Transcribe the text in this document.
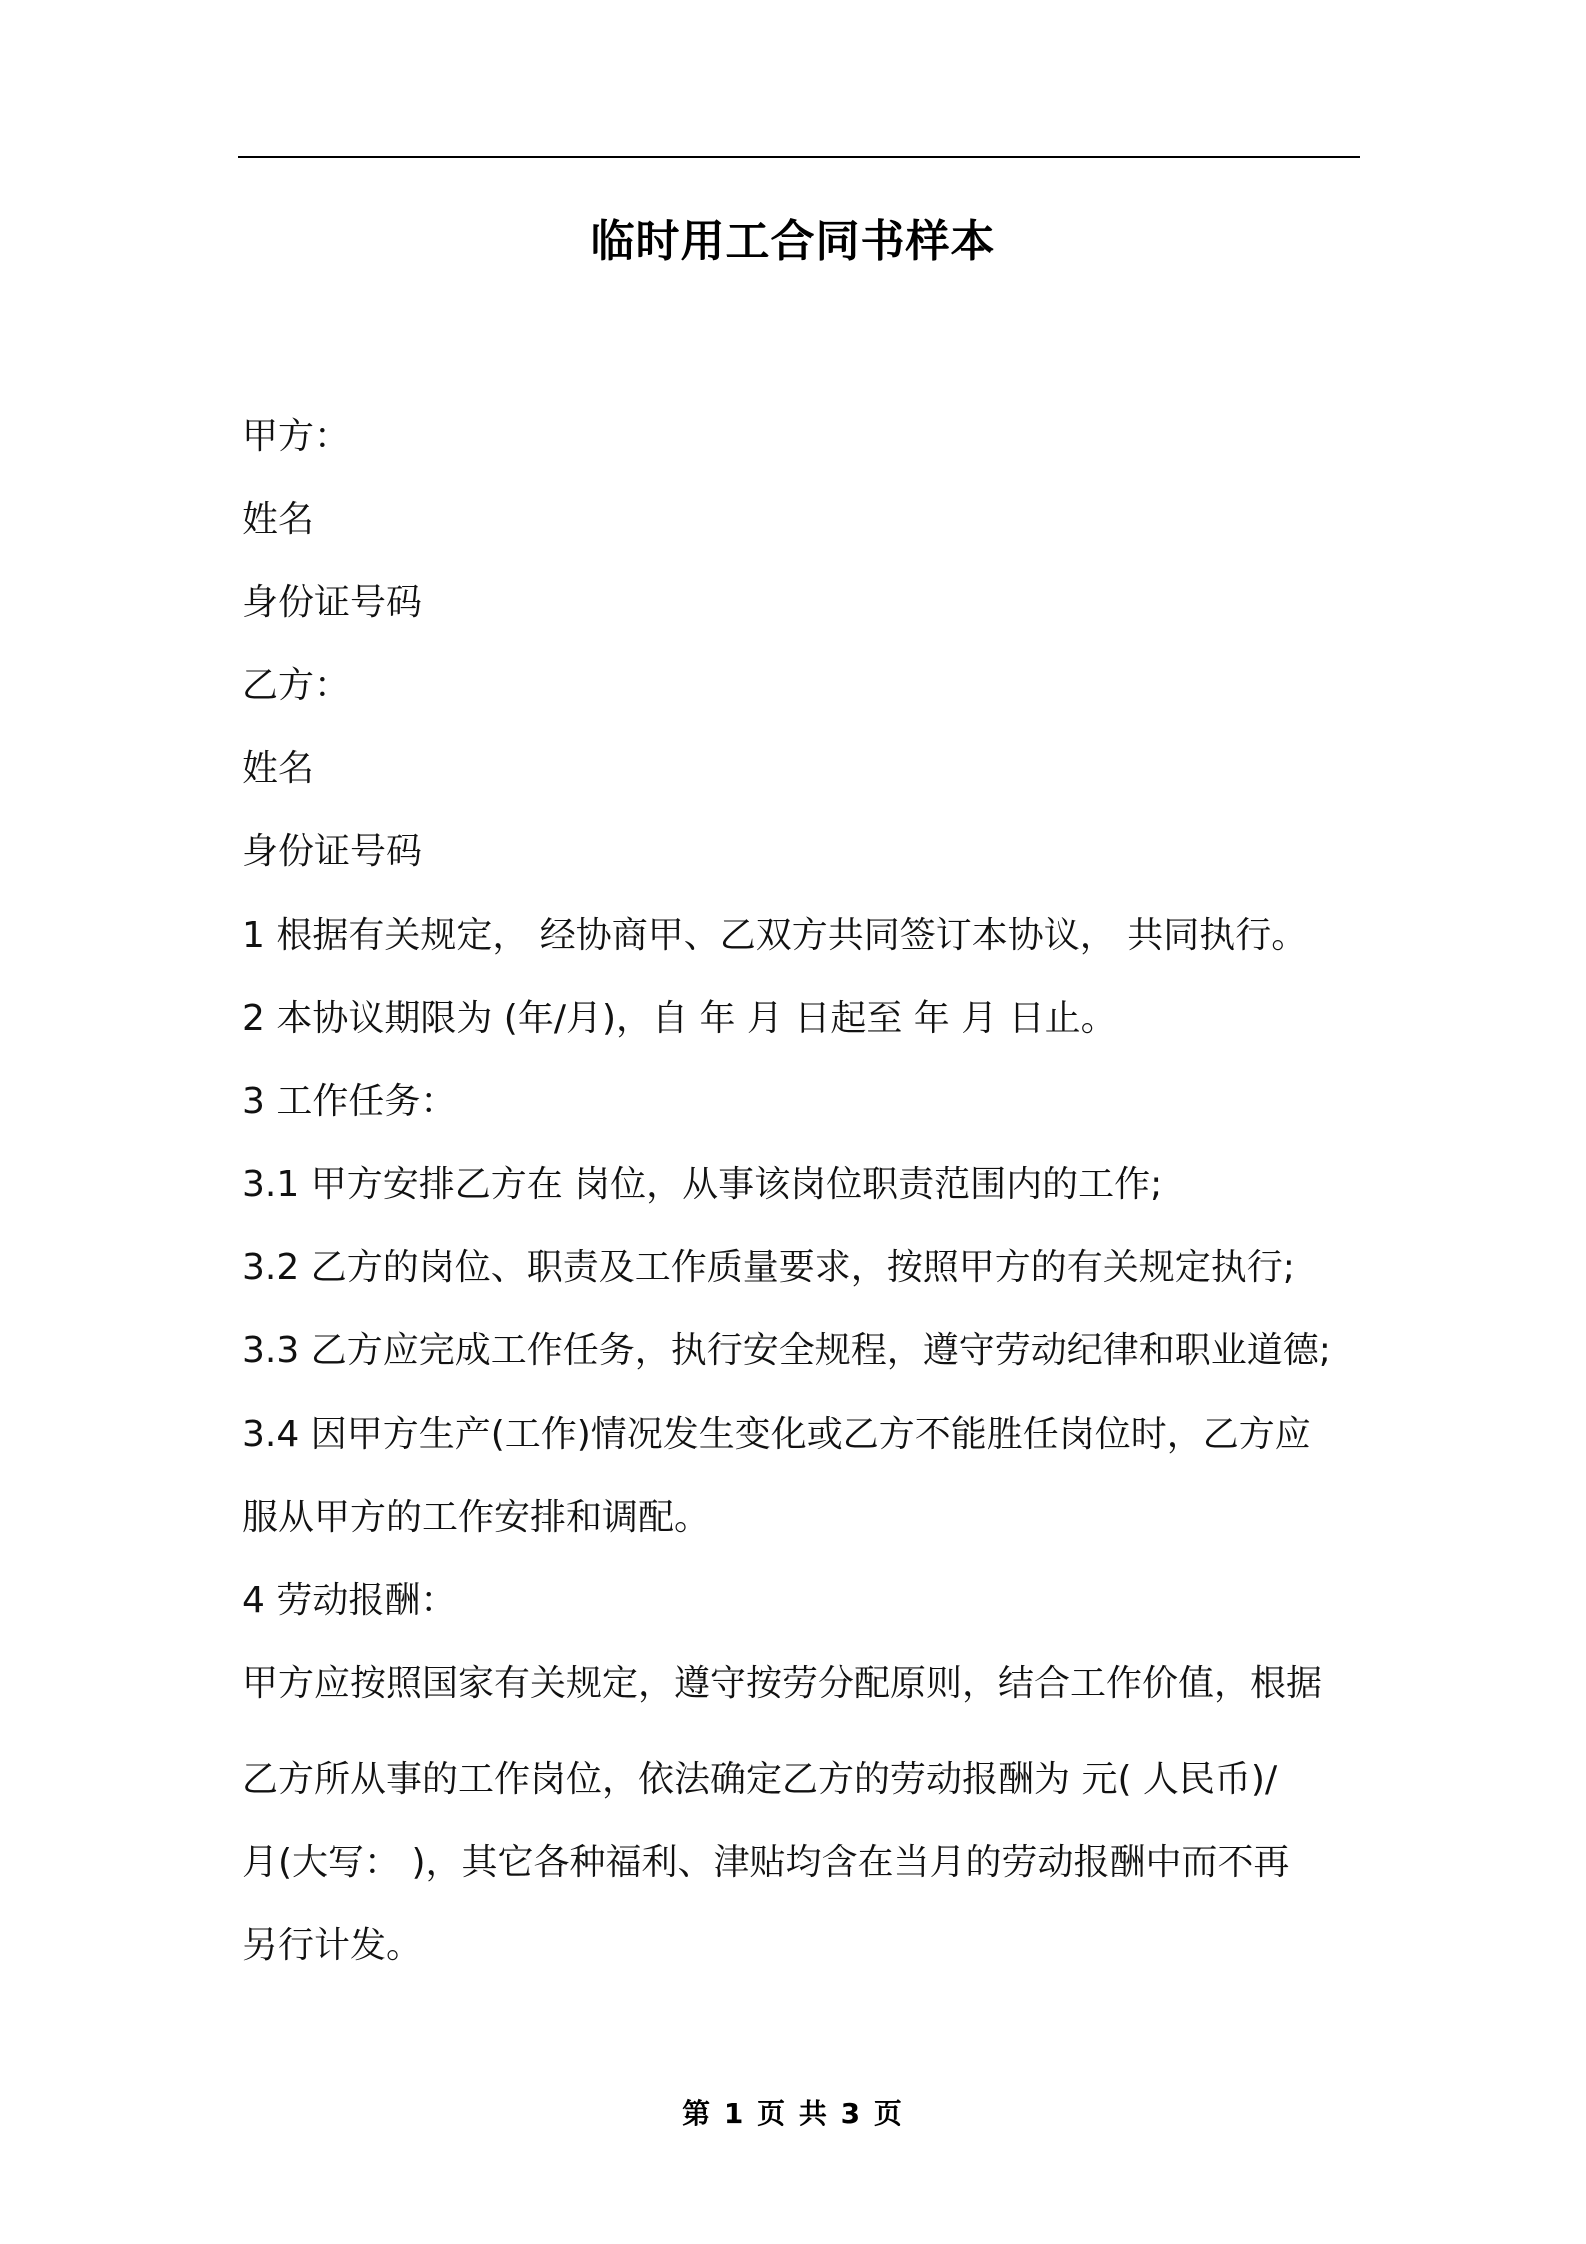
临时用工合同书样本
甲方：
姓名
身份证号码
乙方：
姓名
身份证号码
1 根据有关规定， 经协商甲、乙双方共同签订本协议， 共同执行。
2 本协议期限为 (年/月)，自 年 月 日起至 年 月 日止。
3 工作任务：
3.1 甲方安排乙方在 岗位，从事该岗位职责范围内的工作;
3.2 乙方的岗位、职责及工作质量要求，按照甲方的有关规定执行;
3.3 乙方应完成工作任务，执行安全规程，遵守劳动纪律和职业道德;
3.4 因甲方生产(工作)情况发生变化或乙方不能胜任岗位时，乙方应
服从甲方的工作安排和调配。
4 劳动报酬：
甲方应按照国家有关规定，遵守按劳分配原则，结合工作价值，根据
乙方所从事的工作岗位，依法确定乙方的劳动报酬为 元( 人民币)/
月(大写： )，其它各种福利、津贴均含在当月的劳动报酬中而不再
另行计发。
第 1 页 共 3 页
